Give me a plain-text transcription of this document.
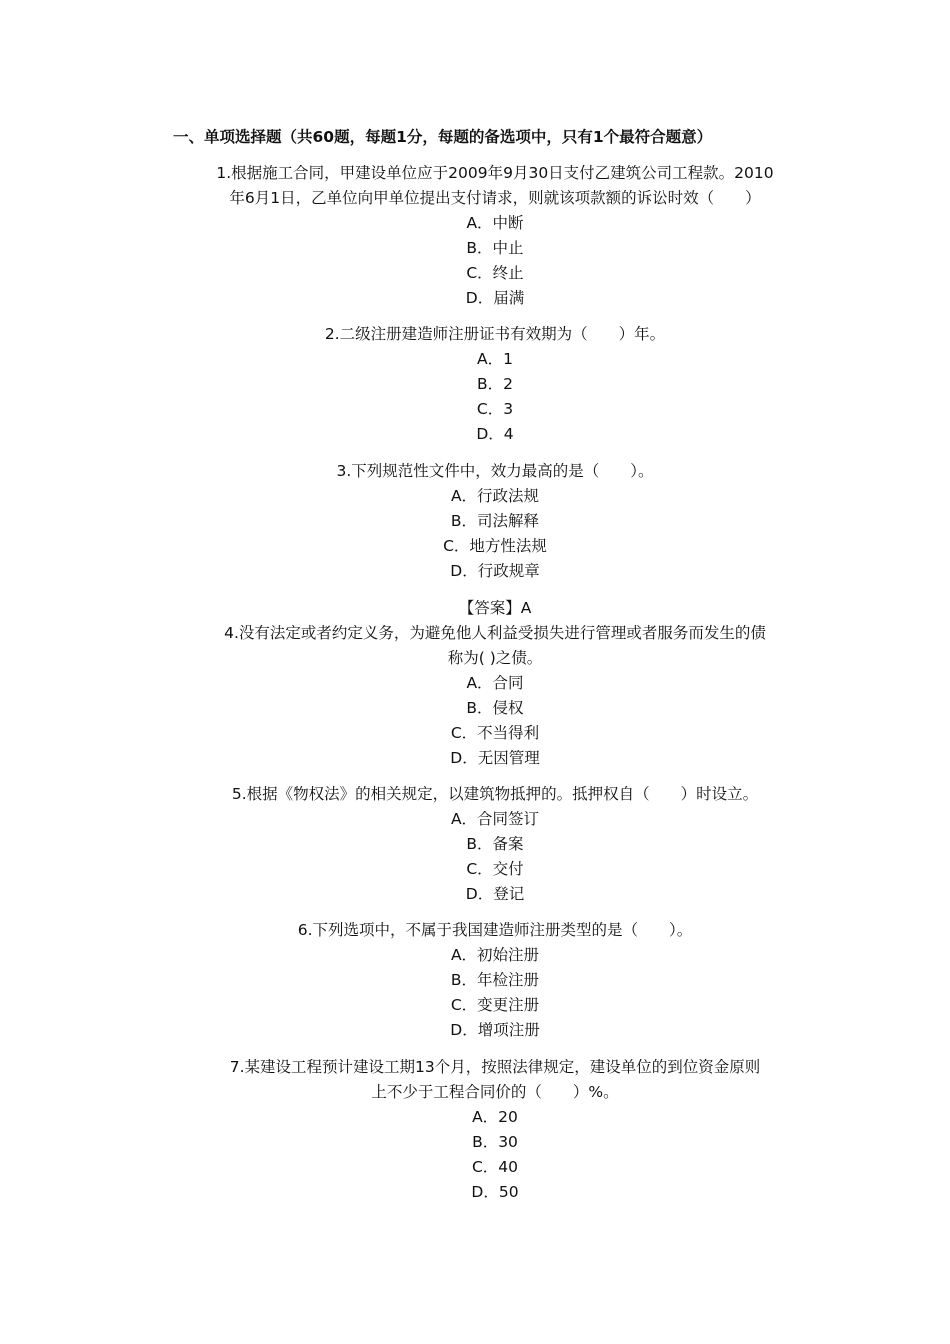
一、单项选择题（共60题，每题1分，每题的备选项中，只有1个最符合题意）
1.根据施工合同，甲建设单位应于2009年9月30日支付乙建筑公司工程款。2010
年6月1日，乙单位向甲单位提出支付请求，则就该项款额的诉讼时效（　　）
A．中断
B．中止
C．终止
D．届满
2.二级注册建造师注册证书有效期为（　　）年。
A．1
B．2
C．3
D．4
3.下列规范性文件中，效力最高的是（　　）。
A．行政法规
B．司法解释
C．地方性法规
D．行政规章
【答案】A
4.没有法定或者约定义务，为避免他人利益受损失进行管理或者服务而发生的债
称为( )之债。
A．合同
B．侵权
C．不当得利
D．无因管理
5.根据《物权法》的相关规定，以建筑物抵押的。抵押权自（　　）时设立。
A．合同签订
B．备案
C．交付
D．登记
6.下列选项中，不属于我国建造师注册类型的是（　　）。
A．初始注册
B．年检注册
C．变更注册
D．增项注册
7.某建设工程预计建设工期13个月，按照法律规定，建设单位的到位资金原则
上不少于工程合同价的（　　）%。
A．20
B．30
C．40
D．50
